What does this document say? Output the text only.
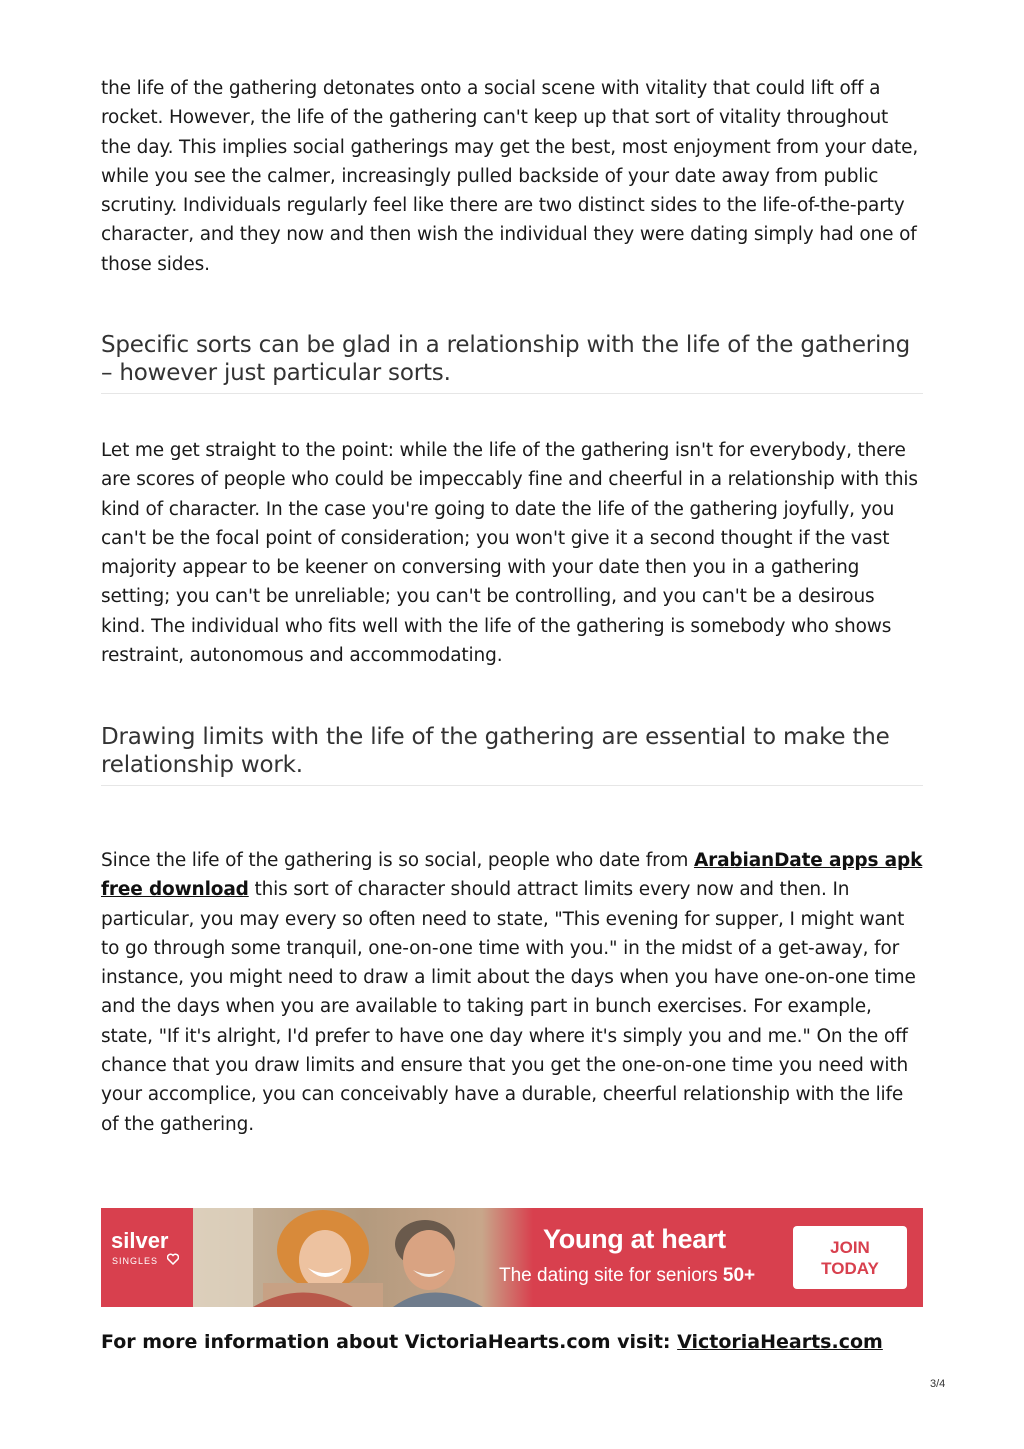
the life of the gathering detonates onto a social scene with vitality that could lift off a rocket. However, the life of the gathering can't keep up that sort of vitality throughout the day. This implies social gatherings may get the best, most enjoyment from your date, while you see the calmer, increasingly pulled backside of your date away from public scrutiny. Individuals regularly feel like there are two distinct sides to the life-of-the-party character, and they now and then wish the individual they were dating simply had one of those sides.

Specific sorts can be glad in a relationship with the life of the gathering – however just particular sorts.

Let me get straight to the point: while the life of the gathering isn't for everybody, there are scores of people who could be impeccably fine and cheerful in a relationship with this kind of character. In the case you're going to date the life of the gathering joyfully, you can't be the focal point of consideration; you won't give it a second thought if the vast majority appear to be keener on conversing with your date then you in a gathering setting; you can't be unreliable; you can't be controlling, and you can't be a desirous kind. The individual who fits well with the life of the gathering is somebody who shows restraint, autonomous and accommodating.

Drawing limits with the life of the gathering are essential to make the relationship work.

Since the life of the gathering is so social, people who date from ArabianDate apps apk free download this sort of character should attract limits every now and then. In particular, you may every so often need to state, "This evening for supper, I might want to go through some tranquil, one-on-one time with you." in the midst of a get-away, for instance, you might need to draw a limit about the days when you have one-on-one time and the days when you are available to taking part in bunch exercises. For example, state, "If it's alright, I'd prefer to have one day where it's simply you and me." On the off chance that you draw limits and ensure that you get the one-on-one time you need with your accomplice, you can conceivably have a durable, cheerful relationship with the life of the gathering.

silver
SINGLES
Young at heart
The dating site for seniors 50+
JOIN
TODAY
For more information about VictoriaHearts.com visit: VictoriaHearts.com
3/4
